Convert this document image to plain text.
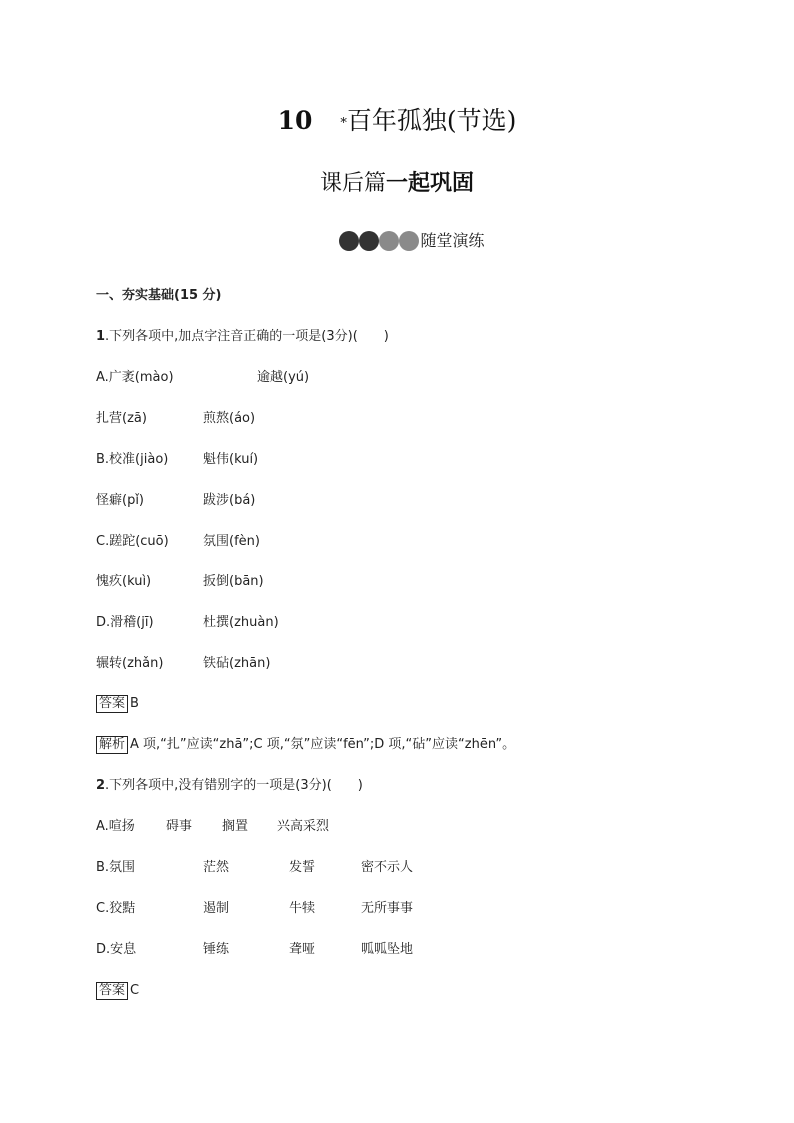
10 *百年孤独(节选)
课后篇一起巩固
随堂演练
一、夯实基础(15 分)
1.下列各项中,加点字注音正确的一项是(3分)(　　)
A.广袤(mào)	逾越(yú)
扎营(zā)	煎熬(áo)
B.校准(jiào)	魁伟(kuí)
怪癖(pǐ)	跋涉(bá)
C.蹉跎(cuō)	氛围(fèn)
愧疚(kuì)	扳倒(bān)
D.滑稽(jī)	杜撰(zhuàn)
辗转(zhǎn)	铁砧(zhān)
答案 B
解析 A 项,“扎”应读“zhā”;C 项,“氛”应读“fēn”;D 项,“砧”应读“zhēn”。
2.下列各项中,没有错别字的一项是(3分)(　　)
A.喧扬 碍事 搁置 兴高采烈
B.氛围	茫然	发誓	密不示人
C.狡黠	遏制	牛犊	无所事事
D.安息	锤练	聋哑	呱呱坠地
答案 C
